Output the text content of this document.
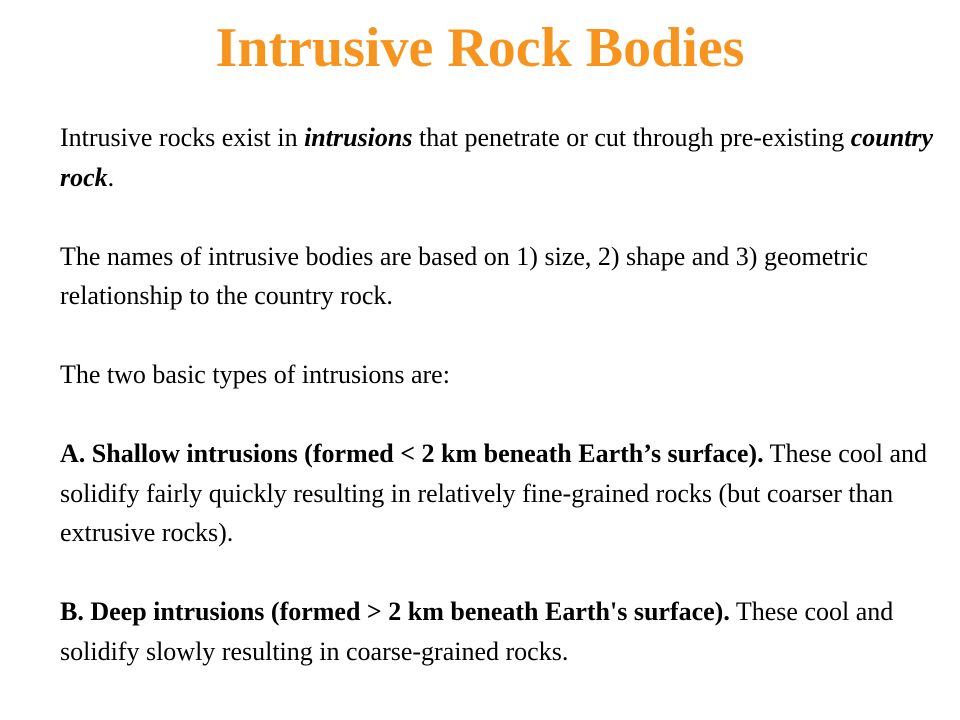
Intrusive Rock Bodies

Intrusive rocks exist in intrusions that penetrate or cut through pre-existing country rock.

The names of intrusive bodies are based on 1) size, 2) shape and 3) geometric relationship to the country rock.

The two basic types of intrusions are:

A. Shallow intrusions (formed < 2 km beneath Earth’s surface). These cool and solidify fairly quickly resulting in relatively fine-grained rocks (but coarser than extrusive rocks).

B. Deep intrusions (formed > 2 km beneath Earth's surface). These cool and solidify slowly resulting in coarse-grained rocks.
